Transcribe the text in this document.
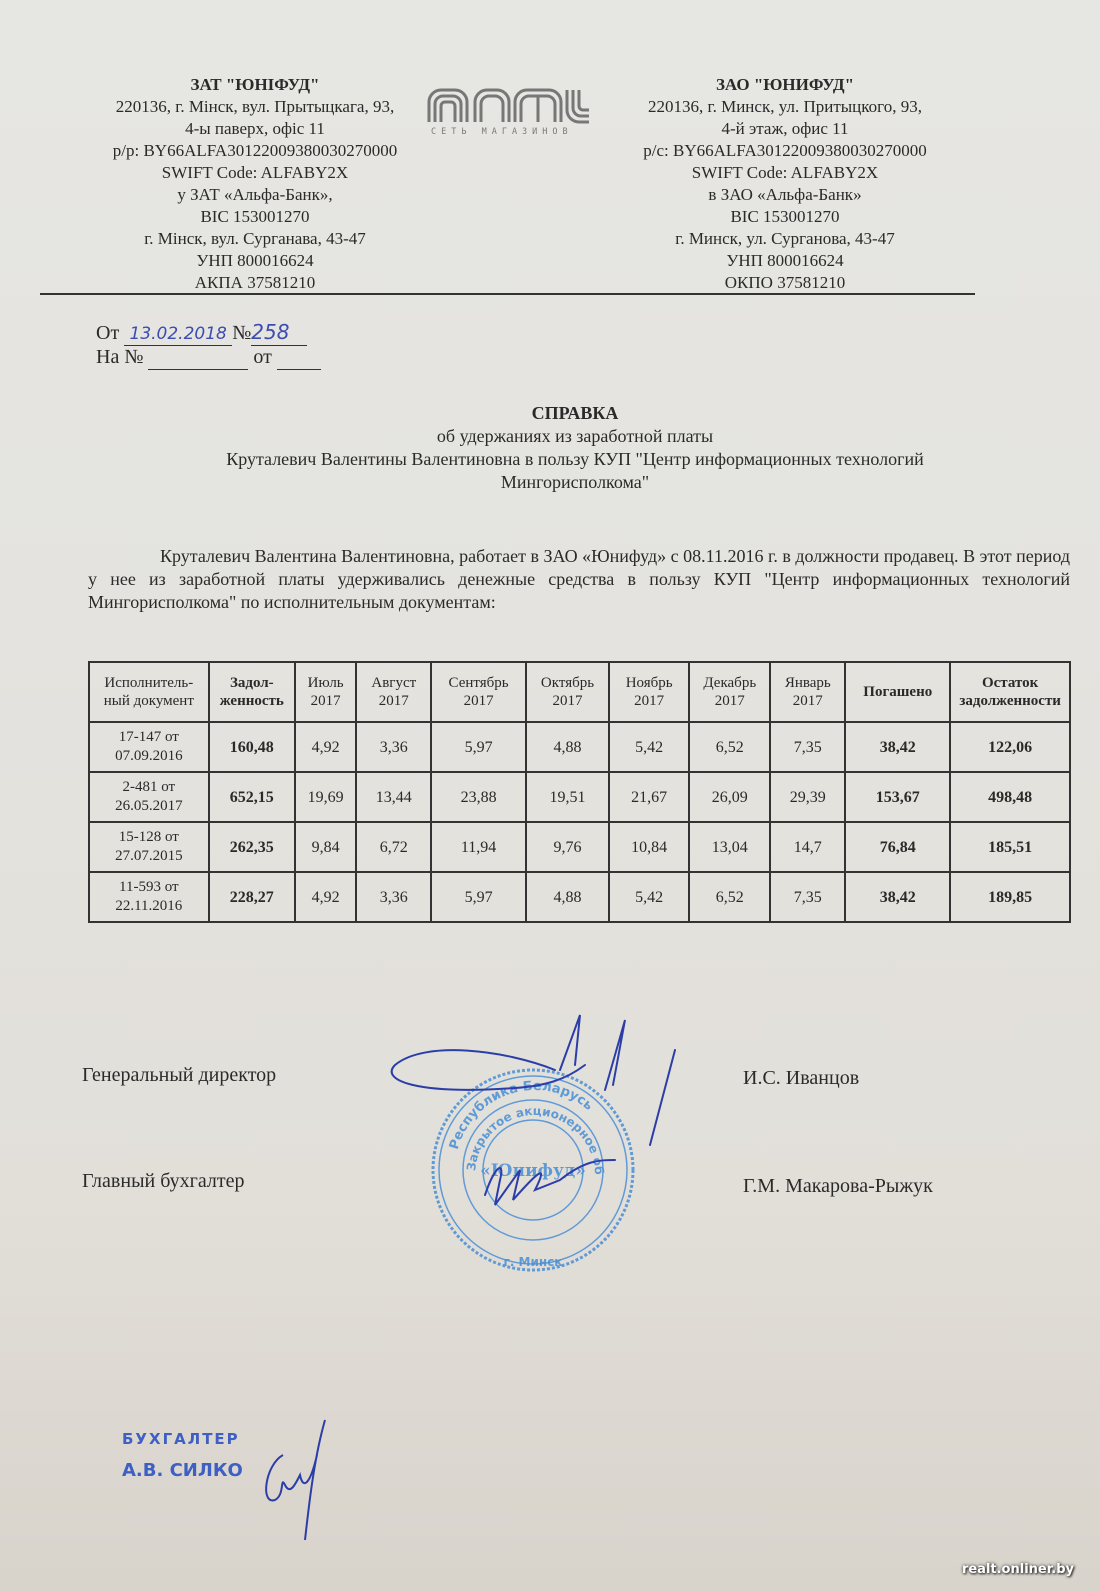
ЗАТ "ЮНІФУД"
220136, г. Мінск, вул. Прытыцкага, 93,
4-ы паверх, офіс 11
р/р: BY66ALFA30122009380030270000
SWIFT Code: ALFABY2X
у ЗАТ «Альфа-Банк»,
BIC 153001270
г. Мінск, вул. Сурганава, 43-47
УНП 800016624
АКПА 37581210
СЕТЬ МАГАЗИНОВ
ЗАО "ЮНИФУД"
220136, г. Минск, ул. Притыцкого, 93,
4-й этаж, офис 11
р/с: BY66ALFA30122009380030270000
SWIFT Code: ALFABY2X
в ЗАО «Альфа-Банк»
BIC 153001270
г. Минск, ул. Сурганова, 43-47
УНП 800016624
ОКПО 37581210
От 13.02.2018 №258
На №	от
СПРАВКА
об удержаниях из заработной платы
Круталевич Валентины Валентиновна в пользу КУП "Центр информационных технологий
Мингорисполкома"
Круталевич Валентина Валентиновна, работает в ЗАО «Юнифуд» с 08.11.2016 г. в должности продавец. В этот период у нее из заработной платы удерживались денежные средства в пользу КУП "Центр информационных технологий Мингорисполкома" по исполнительным документам:
Исполнитель-ный документ	Задол-женность	Июль 2017	Август 2017	Сентябрь 2017	Октябрь 2017	Ноябрь 2017	Декабрь 2017	Январь 2017	Погашено	Остаток задолженности
17-147 от 07.09.2016	160,48	4,92	3,36	5,97	4,88	5,42	6,52	7,35	38,42	122,06
2-481 от 26.05.2017	652,15	19,69	13,44	23,88	19,51	21,67	26,09	29,39	153,67	498,48
15-128 от 27.07.2015	262,35	9,84	6,72	11,94	9,76	10,84	13,04	14,7	76,84	185,51
11-593 от 22.11.2016	228,27	4,92	3,36	5,97	4,88	5,42	6,52	7,35	38,42	189,85
Генеральный директор	И.С. Иванцов
Главный бухгалтер	Г.М. Макарова-Рыжук
Республика Беларусь
Закрытое акционерное об
«Юнифуд»
г. Минск
БУХГАЛТЕР
А.В. СИЛКО
realt.onliner.by
